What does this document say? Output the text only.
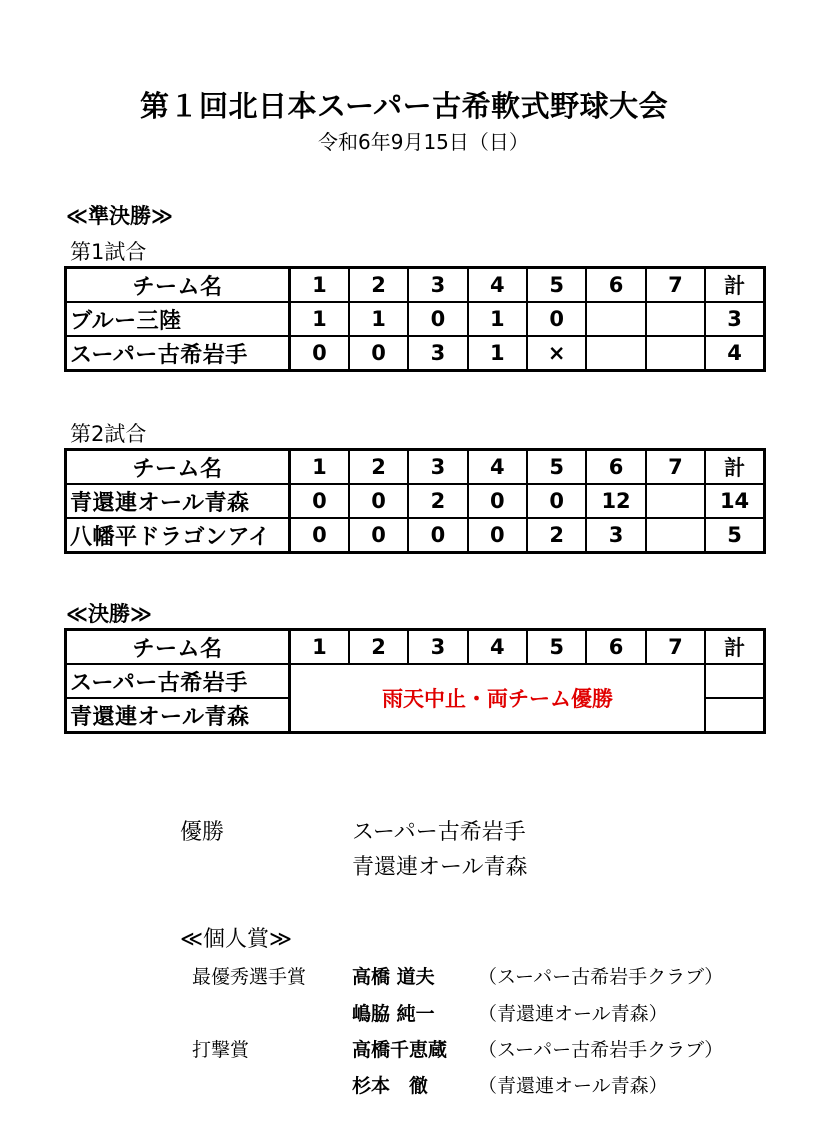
第１回北日本スーパー古希軟式野球大会
令和6年9月15日（日）
≪準決勝≫
第1試合
チーム名	1	2	3	4	5	6	7	計
ブルー三陸	1	1	0	1	0			3
スーパー古希岩手	0	0	3	1	×			4
第2試合
チーム名	1	2	3	4	5	6	7	計
青還連オール青森	0	0	2	0	0	12		14
八幡平ドラゴンアイ	0	0	0	0	2	3		5
≪決勝≫
チーム名	1	2	3	4	5	6	7	計
スーパー古希岩手	雨天中止・両チーム優勝							
青還連オール青森								
優勝	スーパー古希岩手
青還連オール青森
≪個人賞≫
最優秀選手賞 高橋 道夫 （スーパー古希岩手クラブ）
嶋脇 純一 （青還連オール青森）
打撃賞	高橋千恵蔵 （スーパー古希岩手クラブ）
杉本　徹	（青還連オール青森）
